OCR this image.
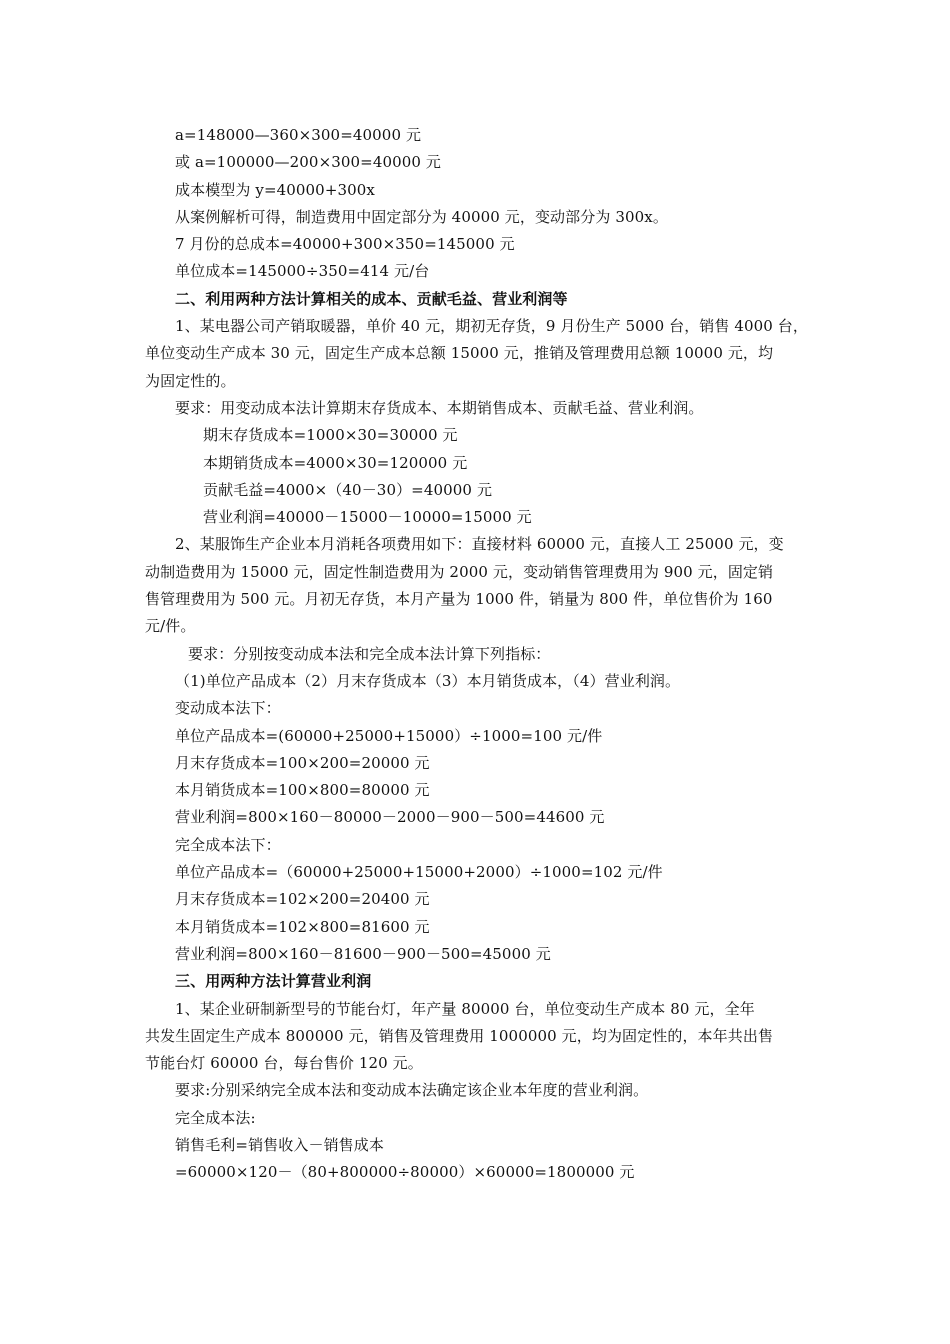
a=148000—360×300=40000 元
或 a=100000—200×300=40000 元
成本模型为 y=40000+300x
从案例解析可得，制造费用中固定部分为 40000 元，变动部分为 300x。
7 月份的总成本=40000+300×350=145000 元
单位成本=145000÷350=414 元/台
二、利用两种方法计算相关的成本、贡献毛益、营业利润等
1、某电器公司产销取暖器，单价 40 元，期初无存货，9 月份生产 5000 台，销售 4000 台，
单位变动生产成本 30 元，固定生产成本总额 15000 元，推销及管理费用总额 10000 元，均
为固定性的。
要求：用变动成本法计算期末存货成本、本期销售成本、贡献毛益、营业利润。
期末存货成本=1000×30=30000 元
本期销货成本=4000×30=120000 元
贡献毛益=4000×（40－30）=40000 元
营业利润=40000－15000－10000=15000 元
2、某服饰生产企业本月消耗各项费用如下：直接材料 60000 元，直接人工 25000 元，变
动制造费用为 15000 元，固定性制造费用为 2000 元，变动销售管理费用为 900 元，固定销
售管理费用为 500 元。月初无存货，本月产量为 1000 件，销量为 800 件，单位售价为 160
元/件。
要求：分别按变动成本法和完全成本法计算下列指标：
（1)单位产品成本（2）月末存货成本（3）本月销货成本，（4）营业利润。
变动成本法下：
单位产品成本=(60000+25000+15000）÷1000=100 元/件
月末存货成本=100×200=20000 元
本月销货成本=100×800=80000 元
营业利润=800×160－80000－2000－900－500=44600 元
完全成本法下：
单位产品成本=（60000+25000+15000+2000）÷1000=102 元/件
月末存货成本=102×200=20400 元
本月销货成本=102×800=81600 元
营业利润=800×160－81600－900－500=45000 元
三、用两种方法计算营业利润
1、某企业研制新型号的节能台灯，年产量 80000 台，单位变动生产成本 80 元，全年
共发生固定生产成本 800000 元，销售及管理费用 1000000 元，均为固定性的，本年共出售
节能台灯 60000 台，每台售价 120 元。
要求:分别采纳完全成本法和变动成本法确定该企业本年度的营业利润。
完全成本法:
销售毛利=销售收入－销售成本
=60000×120－（80+800000÷80000）×60000=1800000 元
